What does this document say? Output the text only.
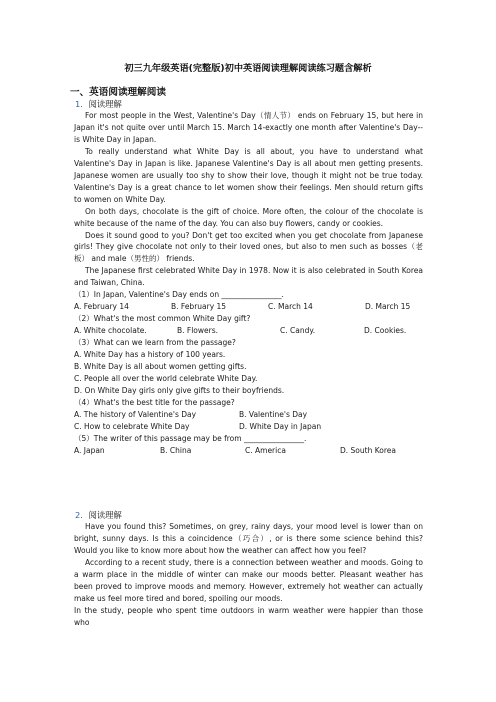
初三九年级英语(完整版)初中英语阅读理解阅读练习题含解析
一、英语阅读理解阅读
1．阅读理解

For most people in the West, Valentine's Day（情人节） ends on February 15, but here in Japan it's not quite over until March 15. March 14-exactly one month after Valentine's Day--is White Day in Japan.

To really understand what White Day is all about, you have to understand what Valentine's Day in Japan is like. Japanese Valentine's Day is all about men getting presents. Japanese women are usually too shy to show their love, though it might not be true today. Valentine's Day is a great chance to let women show their feelings. Men should return gifts to women on White Day.

On both days, chocolate is the gift of choice. More often, the colour of the chocolate is white because of the name of the day. You can also buy flowers, candy or cookies.

Does it sound good to you? Don't get too excited when you get chocolate from Japanese girls! They give chocolate not only to their loved ones, but also to men such as bosses（老板） and male（男性的） friends.

The Japanese first celebrated White Day in 1978. Now it is also celebrated in South Korea and Taiwan, China.

（1）In Japan, Valentine's Day ends on ________________.

A. February 14	B. February 15	C. March 14	D. March 15

（2）What's the most common White Day gift?

A. White chocolate.	B. Flowers.	C. Candy.	D. Cookies.

（3）What can we learn from the passage?

A. White Day has a history of 100 years.

B. White Day is all about women getting gifts.

C. People all over the world celebrate White Day.

D. On White Day girls only give gifts to their boyfriends.

（4）What's the best title for the passage?

A. The history of Valentine's Day	B. Valentine's Day

C. How to celebrate White Day	D. White Day in Japan

（5）The writer of this passage may be from ________________.

A. Japan	B. China	C. America	D. South Korea

2．阅读理解

Have you found this? Sometimes, on grey, rainy days, your mood level is lower than on bright, sunny days. Is this a coincidence（巧合）, or is there some science behind this? Would you like to know more about how the weather can affect how you feel?

According to a recent study, there is a connection between weather and moods. Going to a warm place in the middle of winter can make our moods better. Pleasant weather has been proved to improve moods and memory. However, extremely hot weather can actually make us feel more tired and bored, spoiling our moods.

In the study, people who spent time outdoors in warm weather were happier than those who
